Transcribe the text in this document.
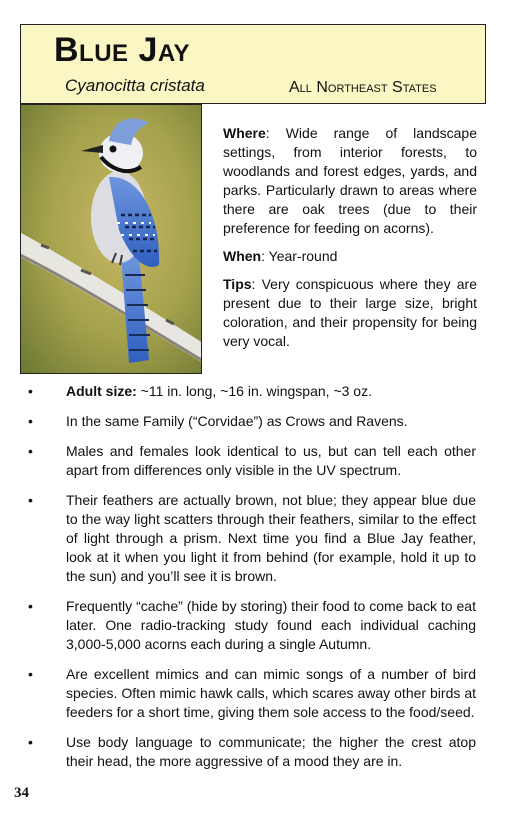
Blue Jay
Cyanocitta cristata	All Northeast States

Where: Wide range of landscape settings, from interior forests, to woodlands and forest edges, yards, and parks. Particularly drawn to areas where there are oak trees (due to their preference for feeding on acorns).

When: Year-round

Tips: Very conspicuous where they are present due to their large size, bright coloration, and their propensity for being very vocal.

• Adult size: ~11 in. long, ~16 in. wingspan, ~3 oz.
• In the same Family (“Corvidae”) as Crows and Ravens.
• Males and females look identical to us, but can tell each other apart from differences only visible in the UV spectrum.
• Their feathers are actually brown, not blue; they appear blue due to the way light scatters through their feathers, similar to the effect of light through a prism. Next time you find a Blue Jay feather, look at it when you light it from behind (for example, hold it up to the sun) and you’ll see it is brown.
• Frequently “cache” (hide by storing) their food to come back to eat later. One radio-tracking study found each individual caching 3,000-5,000 acorns each during a single Autumn.
• Are excellent mimics and can mimic songs of a number of bird species. Often mimic hawk calls, which scares away other birds at feeders for a short time, giving them sole access to the food/seed.
• Use body language to communicate; the higher the crest atop their head, the more aggressive of a mood they are in.
34
